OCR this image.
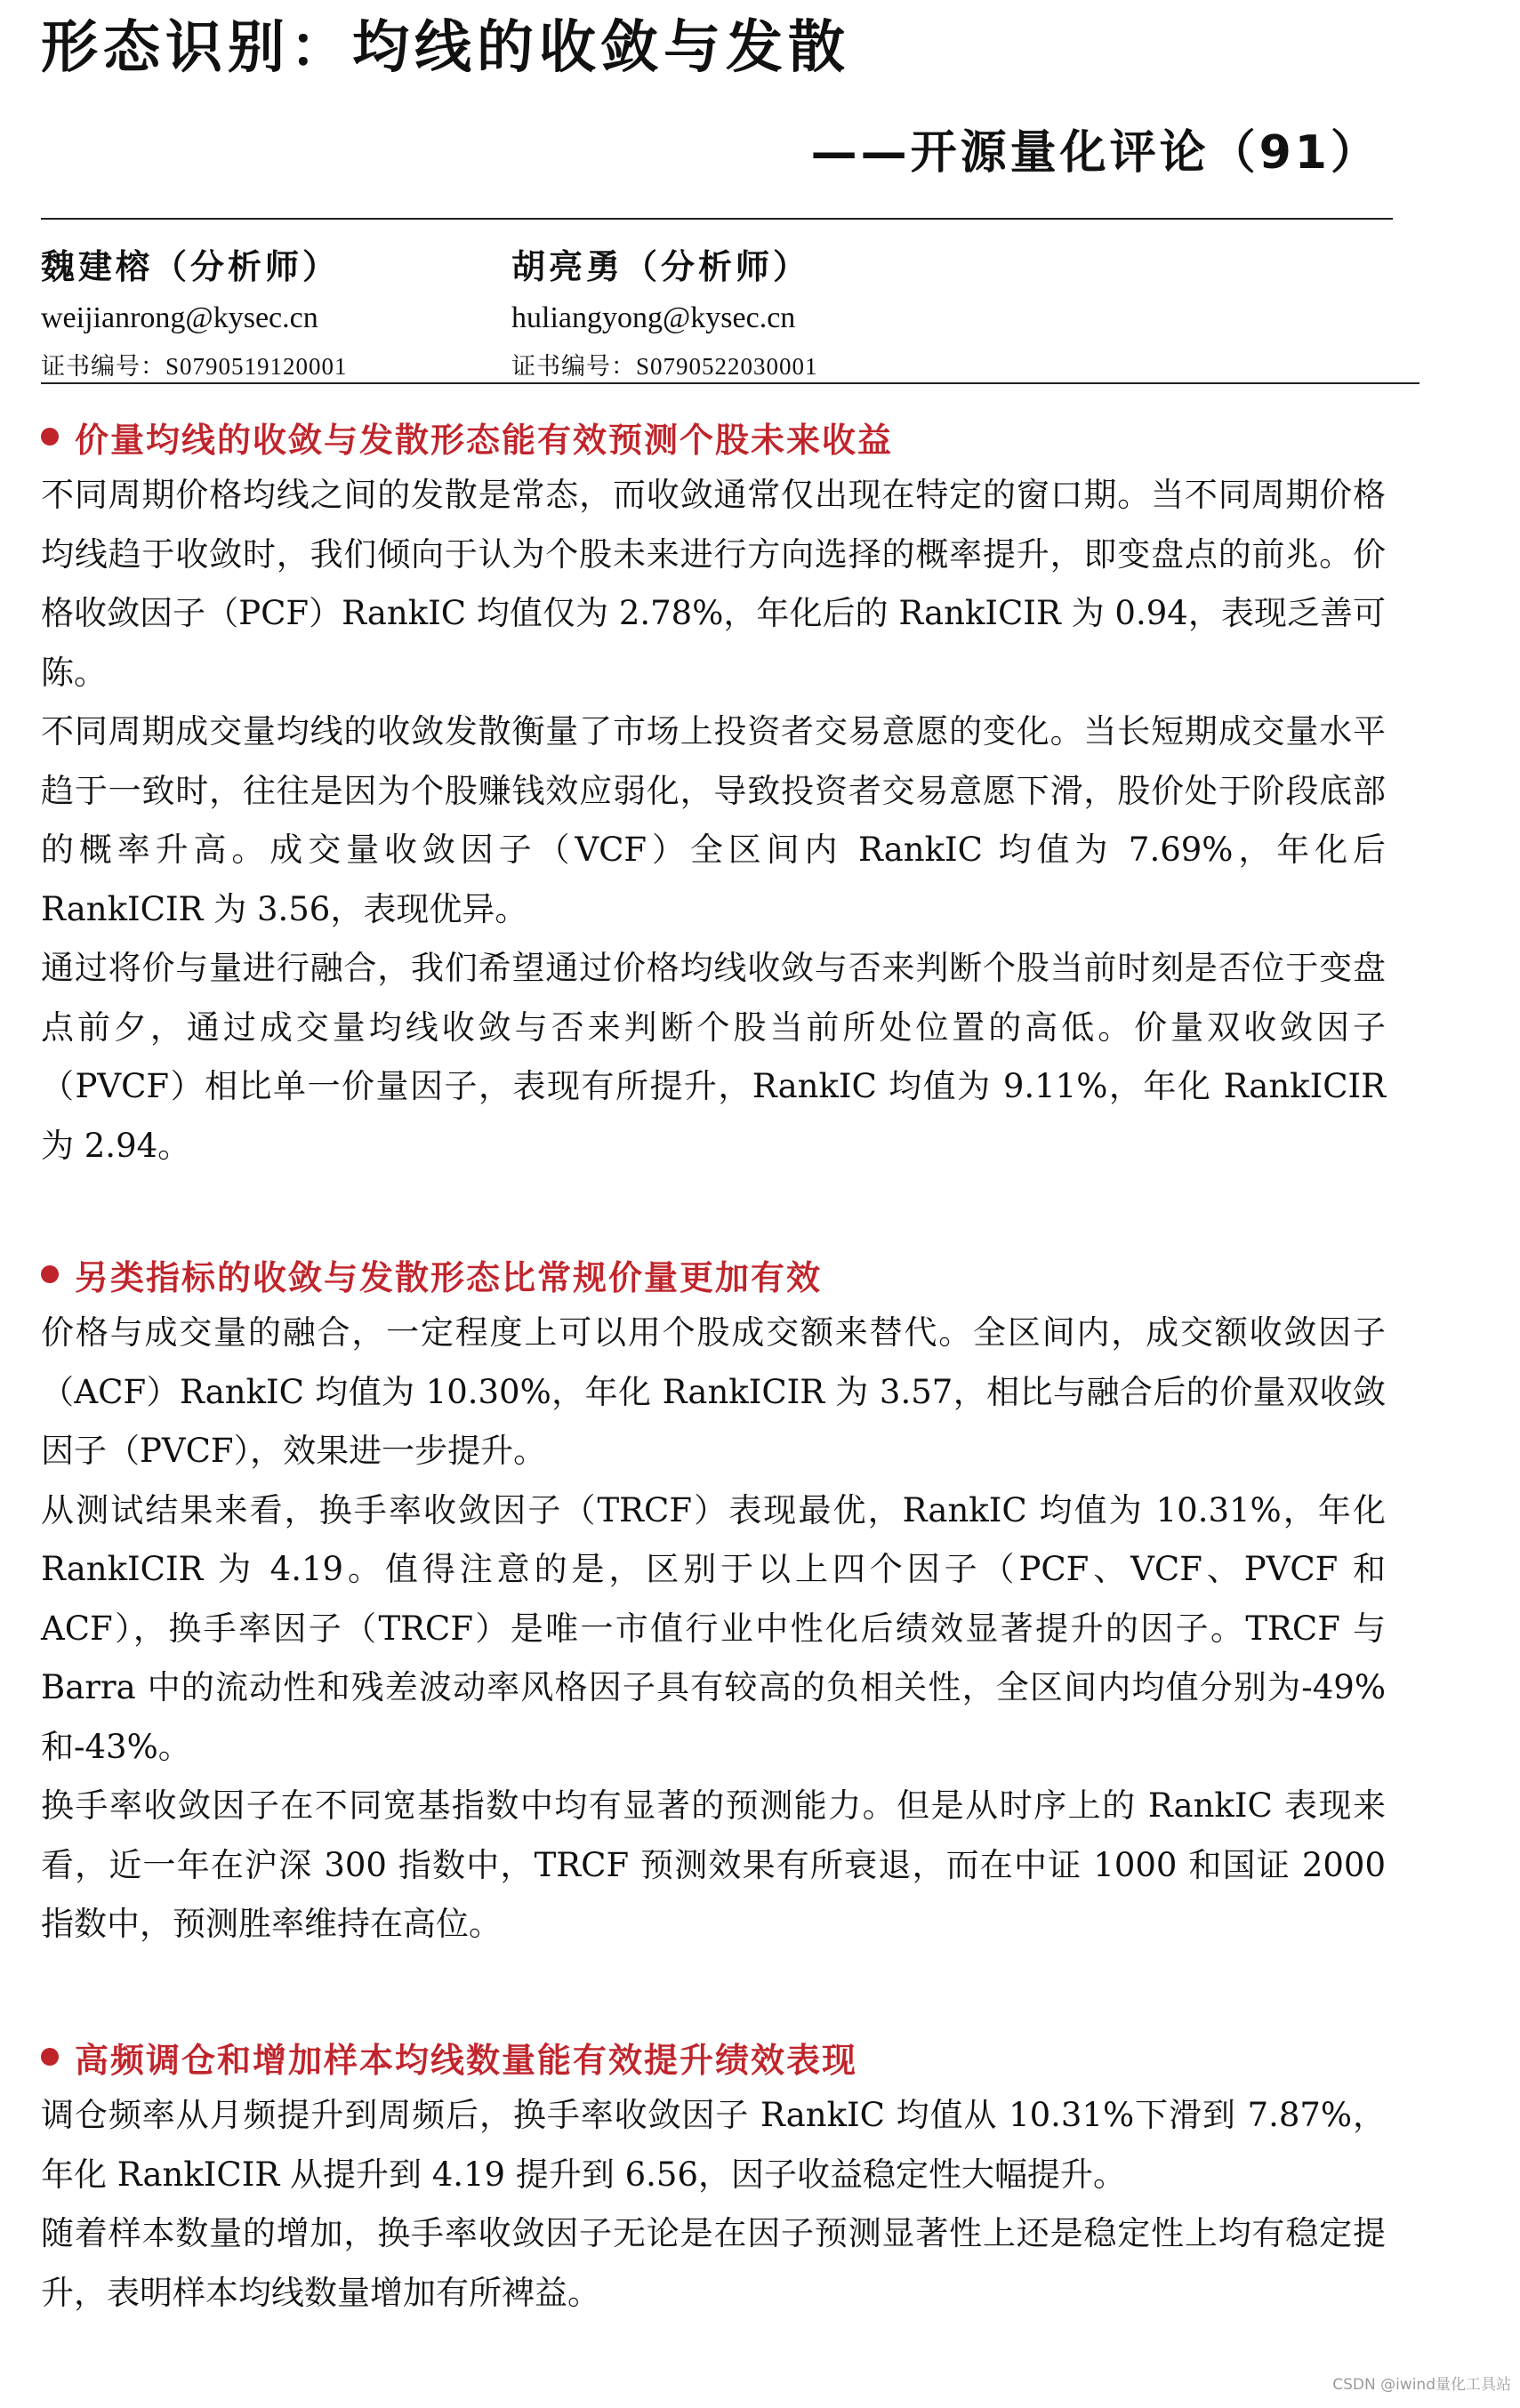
形态识别：均线的收敛与发散
——开源量化评论（91）
魏建榕（分析师）
weijianrong@kysec.cn
证书编号：S0790519120001
胡亮勇（分析师）
huliangyong@kysec.cn
证书编号：S0790522030001
价量均线的收敛与发散形态能有效预测个股未来收益

不同周期价格均线之间的发散是常态，而收敛通常仅出现在特定的窗口期。当不同周期价格均线趋于收敛时，我们倾向于认为个股未来进行方向选择的概率提升，即变盘点的前兆。价格收敛因子（PCF）RankIC 均值仅为 2.78%，年化后的 RankICIR 为 0.94，表现乏善可陈。

不同周期成交量均线的收敛发散衡量了市场上投资者交易意愿的变化。当长短期成交量水平趋于一致时，往往是因为个股赚钱效应弱化，导致投资者交易意愿下滑，股价处于阶段底部的概率升高。成交量收敛因子（VCF）全区间内 RankIC 均值为 7.69%，年化后 RankICIR 为 3.56，表现优异。

通过将价与量进行融合，我们希望通过价格均线收敛与否来判断个股当前时刻是否位于变盘点前夕，通过成交量均线收敛与否来判断个股当前所处位置的高低。价量双收敛因子（PVCF）相比单一价量因子，表现有所提升，RankIC 均值为 9.11%，年化 RankICIR 为 2.94。

另类指标的收敛与发散形态比常规价量更加有效

价格与成交量的融合，一定程度上可以用个股成交额来替代。全区间内，成交额收敛因子（ACF）RankIC 均值为 10.30%，年化 RankICIR 为 3.57，相比与融合后的价量双收敛因子（PVCF），效果进一步提升。

从测试结果来看，换手率收敛因子（TRCF）表现最优，RankIC 均值为 10.31%，年化 RankICIR 为 4.19。值得注意的是，区别于以上四个因子（PCF、VCF、PVCF 和 ACF），换手率因子（TRCF）是唯一市值行业中性化后绩效显著提升的因子。TRCF 与 Barra 中的流动性和残差波动率风格因子具有较高的负相关性，全区间内均值分别为-49%和-43%。

换手率收敛因子在不同宽基指数中均有显著的预测能力。但是从时序上的 RankIC 表现来看，近一年在沪深 300 指数中，TRCF 预测效果有所衰退，而在中证 1000 和国证 2000 指数中，预测胜率维持在高位。

高频调仓和增加样本均线数量能有效提升绩效表现

调仓频率从月频提升到周频后，换手率收敛因子 RankIC 均值从 10.31%下滑到 7.87%，年化 RankICIR 从提升到 4.19 提升到 6.56，因子收益稳定性大幅提升。

随着样本数量的增加，换手率收敛因子无论是在因子预测显著性上还是稳定性上均有稳定提升，表明样本均线数量增加有所裨益。

CSDN @iwind量化工具站
